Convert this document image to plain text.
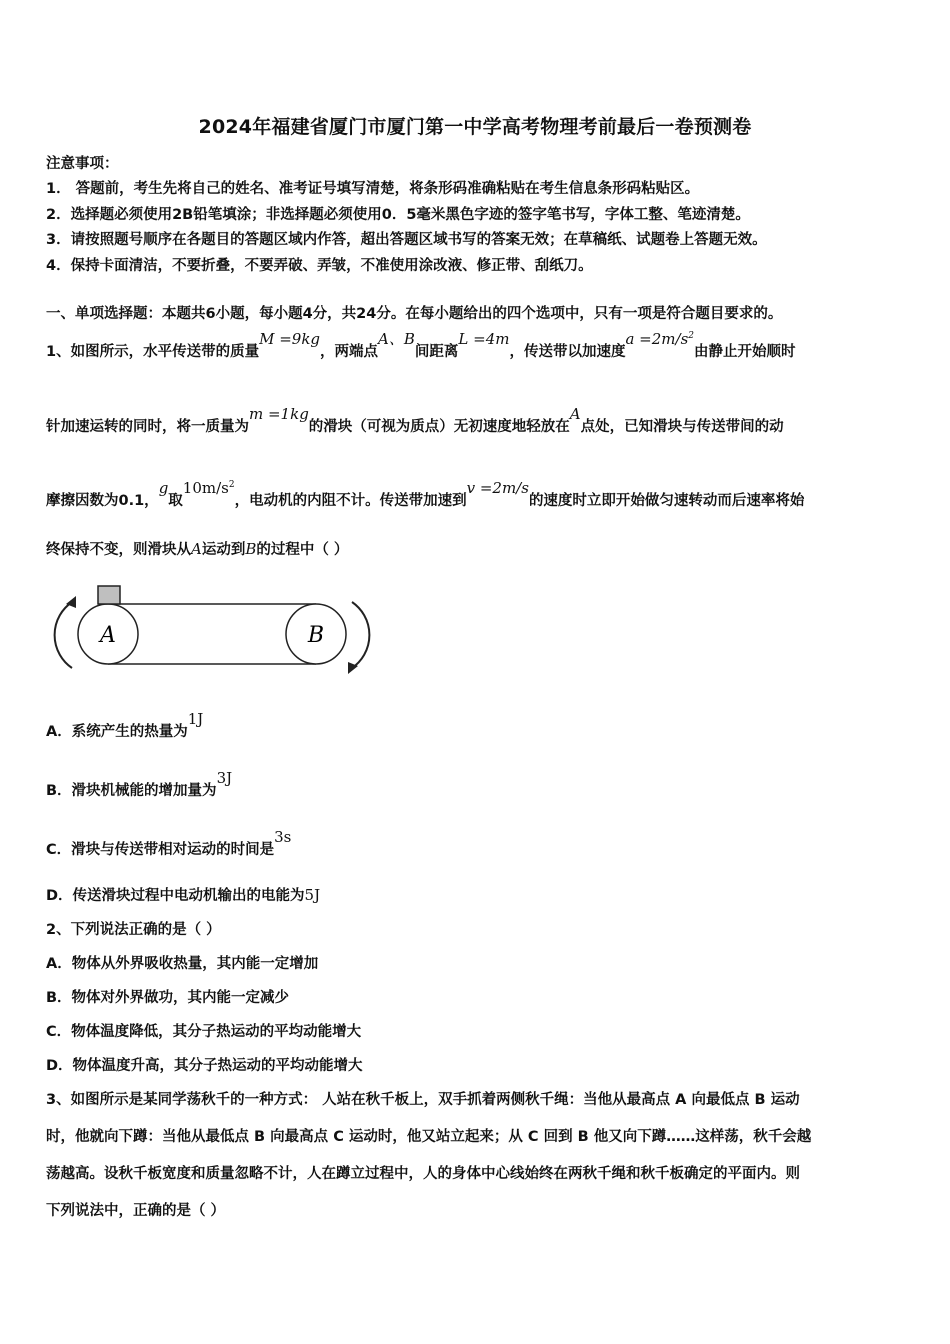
2024年福建省厦门市厦门第一中学高考物理考前最后一卷预测卷
注意事项：
1． 答题前，考生先将自己的姓名、准考证号填写清楚，将条形码准确粘贴在考生信息条形码粘贴区。
2．选择题必须使用2B铅笔填涂；非选择题必须使用0．5毫米黑色字迹的签字笔书写，字体工整、笔迹清楚。
3．请按照题号顺序在各题目的答题区域内作答，超出答题区域书写的答案无效；在草稿纸、试题卷上答题无效。
4．保持卡面清洁，不要折叠，不要弄破、弄皱，不准使用涂改液、修正带、刮纸刀。
一、单项选择题：本题共6小题，每小题4分，共24分。在每小题给出的四个选项中，只有一项是符合题目要求的。
1、如图所示，水平传送带的质量M =9kg，两端点A、B间距离L =4m，传送带以加速度$a =2m/s^2$由静止开始顺时
针加速运转的同时，将一质量为m =1kg的滑块（可视为质点）无初速度地轻放在A点处，已知滑块与传送带间的动
摩擦因数为0.1，g取$10m/s^2$，电动机的内阻不计。传送带加速到v =2m/s的速度时立即开始做匀速转动而后速率将始
终保持不变，则滑块从A运动到B的过程中（ ）
A	B
A．系统产生的热量为1J
B．滑块机械能的增加量为3J
C．滑块与传送带相对运动的时间是3s
D．传送滑块过程中电动机输出的电能为5J
2、下列说法正确的是（ ）
A．物体从外界吸收热量，其内能一定增加
B．物体对外界做功，其内能一定减少
C．物体温度降低，其分子热运动的平均动能增大
D．物体温度升高，其分子热运动的平均动能增大
3、如图所示是某同学荡秋千的一种方式： 人站在秋千板上，双手抓着两侧秋千绳：当他从最高点 A 向最低点 B 运动
时，他就向下蹲：当他从最低点 B 向最高点 C 运动时，他又站立起来；从 C 回到 B 他又向下蹲……这样荡，秋千会越
荡越高。设秋千板宽度和质量忽略不计，人在蹲立过程中，人的身体中心线始终在两秋千绳和秋千板确定的平面内。则
下列说法中，正确的是（ ）
